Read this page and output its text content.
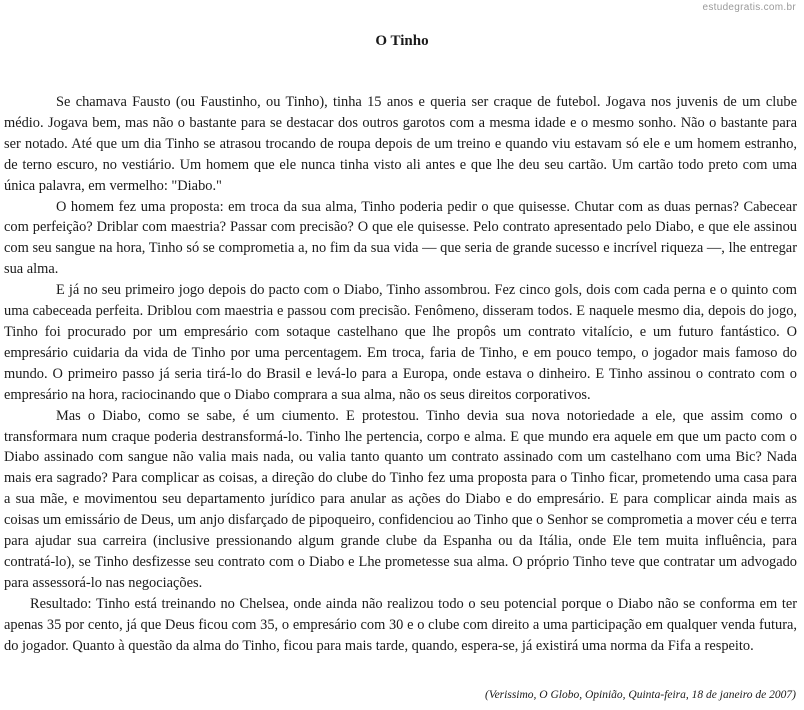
estudegratis.com.br
O Tinho

Se chamava Fausto (ou Faustinho, ou Tinho), tinha 15 anos e queria ser craque de futebol. Jogava nos juvenis de um clube médio. Jogava bem, mas não o bastante para se destacar dos outros garotos com a mesma idade e o mesmo sonho. Não o bastante para ser notado. Até que um dia Tinho se atrasou trocando de roupa depois de um treino e quando viu estavam só ele e um homem estranho, de terno escuro, no vestiário. Um homem que ele nunca tinha visto ali antes e que lhe deu seu cartão. Um cartão todo preto com uma única palavra, em vermelho: "Diabo."

O homem fez uma proposta: em troca da sua alma, Tinho poderia pedir o que quisesse. Chutar com as duas pernas? Cabecear com perfeição? Driblar com maestria? Passar com precisão? O que ele quisesse. Pelo contrato apresentado pelo Diabo, e que ele assinou com seu sangue na hora, Tinho só se comprometia a, no fim da sua vida — que seria de grande sucesso e incrível riqueza —, lhe entregar sua alma.

E já no seu primeiro jogo depois do pacto com o Diabo, Tinho assombrou. Fez cinco gols, dois com cada perna e o quinto com uma cabeceada perfeita. Driblou com maestria e passou com precisão. Fenômeno, disseram todos. E naquele mesmo dia, depois do jogo, Tinho foi procurado por um empresário com sotaque castelhano que lhe propôs um contrato vitalício, e um futuro fantástico. O empresário cuidaria da vida de Tinho por uma percentagem. Em troca, faria de Tinho, e em pouco tempo, o jogador mais famoso do mundo. O primeiro passo já seria tirá-lo do Brasil e levá-lo para a Europa, onde estava o dinheiro. E Tinho assinou o contrato com o empresário na hora, raciocinando que o Diabo comprara a sua alma, não os seus direitos corporativos.

Mas o Diabo, como se sabe, é um ciumento. E protestou. Tinho devia sua nova notoriedade a ele, que assim como o transformara num craque poderia destransformá-lo. Tinho lhe pertencia, corpo e alma. E que mundo era aquele em que um pacto com o Diabo assinado com sangue não valia mais nada, ou valia tanto quanto um contrato assinado com um castelhano com uma Bic? Nada mais era sagrado? Para complicar as coisas, a direção do clube do Tinho fez uma proposta para o Tinho ficar, prometendo uma casa para a sua mãe, e movimentou seu departamento jurídico para anular as ações do Diabo e do empresário. E para complicar ainda mais as coisas um emissário de Deus, um anjo disfarçado de pipoqueiro, confidenciou ao Tinho que o Senhor se comprometia a mover céu e terra para ajudar sua carreira (inclusive pressionando algum grande clube da Espanha ou da Itália, onde Ele tem muita influência, para contratá-lo), se Tinho desfizesse seu contrato com o Diabo e Lhe prometesse sua alma. O próprio Tinho teve que contratar um advogado para assessorá-lo nas negociações.

Resultado: Tinho está treinando no Chelsea, onde ainda não realizou todo o seu potencial porque o Diabo não se conforma em ter apenas 35 por cento, já que Deus ficou com 35, o empresário com 30 e o clube com direito a uma participação em qualquer venda futura, do jogador. Quanto à questão da alma do Tinho, ficou para mais tarde, quando, espera-se, já existirá uma norma da Fifa a respeito.

(Verissimo, O Globo, Opinião, Quinta-feira, 18 de janeiro de 2007)
